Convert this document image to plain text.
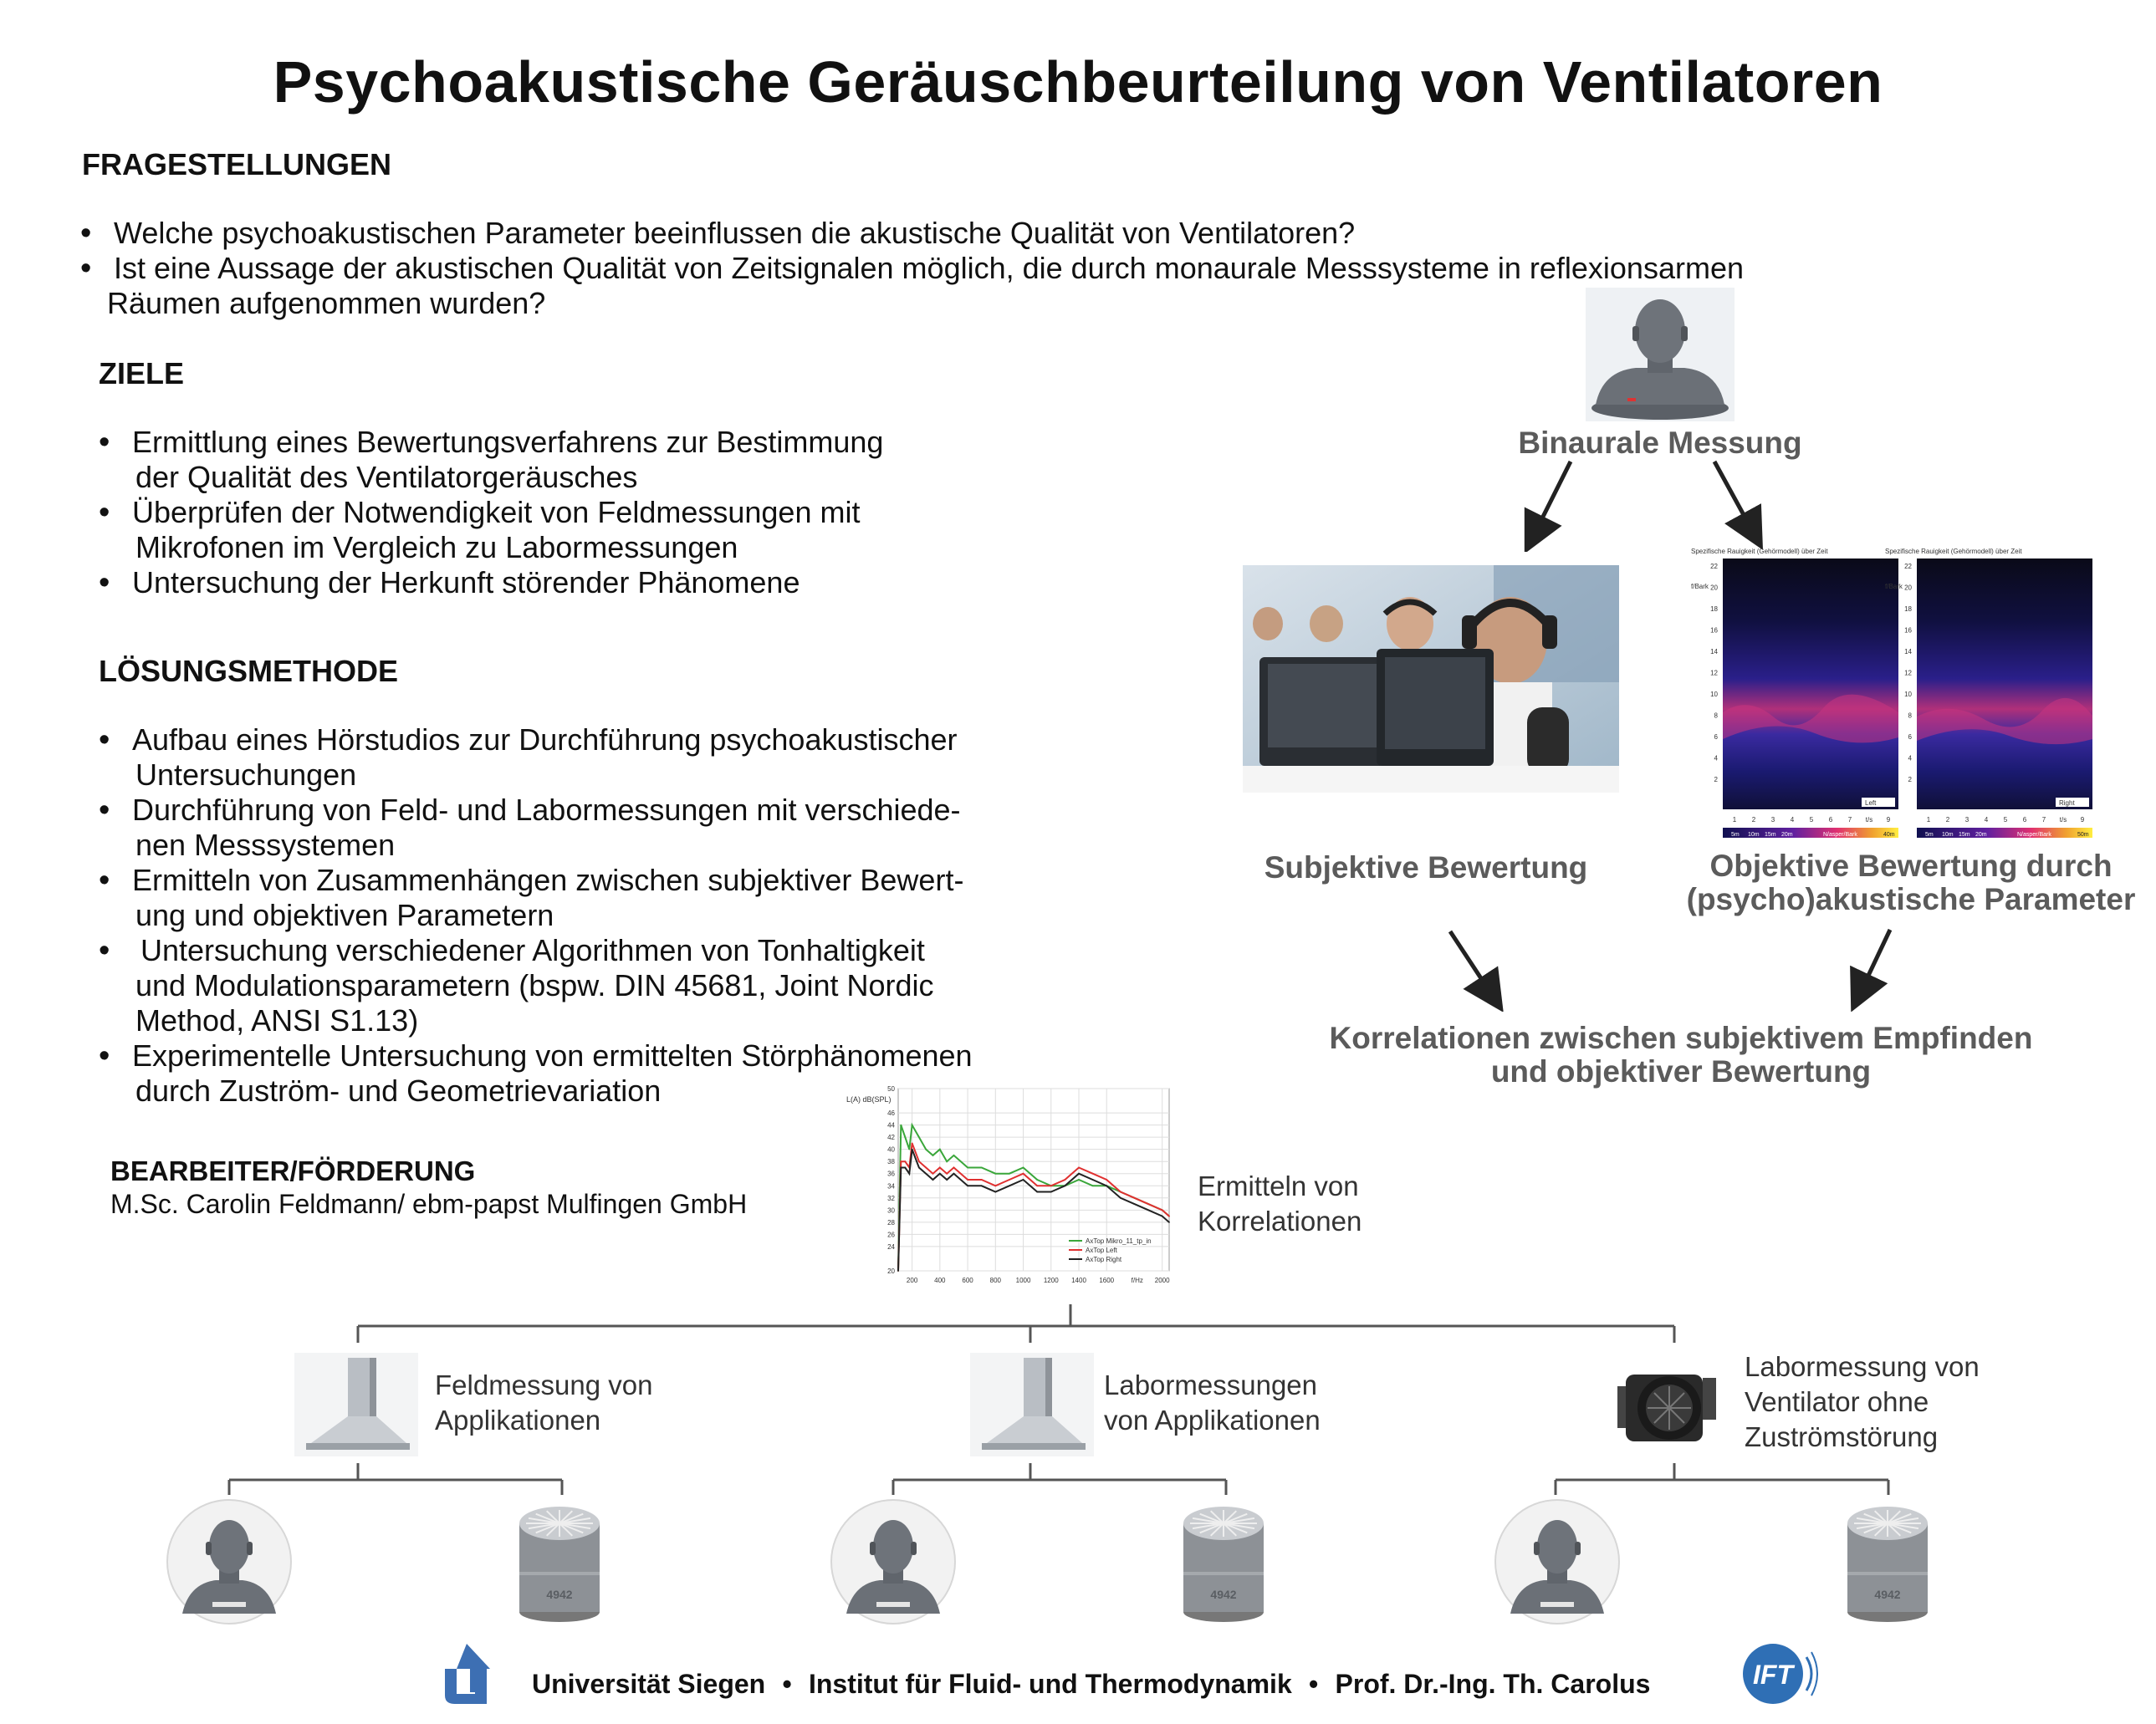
Psychoakustische Geräuschbeurteilung von Ventilatoren
FRAGESTELLUNGEN
• Welche psychoakustischen Parameter beeinflussen die akustische Qualität von Ventilatoren?
• Ist eine Aussage der akustischen Qualität von Zeitsignalen möglich, die durch monaurale Messsysteme in reflexionsarmen
Räumen aufgenommen wurden?
ZIELE
• Ermittlung eines Bewertungsverfahrens zur Bestimmung
der Qualität des Ventilatorgeräusches
• Überprüfen der Notwendigkeit von Feldmessungen mit
Mikrofonen im Vergleich zu Labormessungen
• Untersuchung der Herkunft störender Phänomene
LÖSUNGSMETHODE
• Aufbau eines Hörstudios zur Durchführung psychoakustischer
Untersuchungen
• Durchführung von Feld- und Labormessungen mit verschiede-
nen Messsystemen
• Ermitteln von Zusammenhängen zwischen subjektiver Bewert-
ung und objektiven Parametern
• Untersuchung verschiedener Algorithmen von Tonhaltigkeit
und Modulationsparametern (bspw. DIN 45681, Joint Nordic
Method, ANSI S1.13)
• Experimentelle Untersuchung von ermittelten Störphänomenen
durch Zuström- und Geometrievariation
BEARBEITER/FÖRDERUNG
M.Sc. Carolin Feldmann/ ebm-papst Mulfingen GmbH
Binaurale Messung
Spezifische Rauigkeit (Gehörmodell) über Zeit
f/Bark
22
20
18
16
14
12
10
8
6
4
2
Left
1 2 3 4 5 6 7 t/s 9
5m 10m 15m 20m	N/asper/Bark	40m
Spezifische Rauigkeit (Gehörmodell) über Zeit
f/Bark
22
20
18
16
14
12
10
8
6
4
2
Right
1 2 3 4 5 6 7 t/s 9
5m 10m 15m 20m	N/asper/Bark	50m
Subjektive Bewertung	Objektive Bewertung durch
(psycho)akustische Parameter
Korrelationen zwischen subjektivem Empfinden
und objektiver Bewertung
L(A) dB(SPL)
50
46
44
42
40
38
36
34
32
30
28
26
24
20
200 400 600 800 1000 1200 1400 1600	f/Hz 2000
AxTop Mikro_11_tp_in
AxTop Left
AxTop Right
Ermitteln von
Korrelationen
Feldmessung von
Applikationen
Labormessungen
von Applikationen
Labormessung von
Ventilator ohne
Zuströmstörung
4942	4942	4942
Universität Siegen • Institut für Fluid- und Thermodynamik • Prof. Dr.-Ing. Th. Carolus	IFT
